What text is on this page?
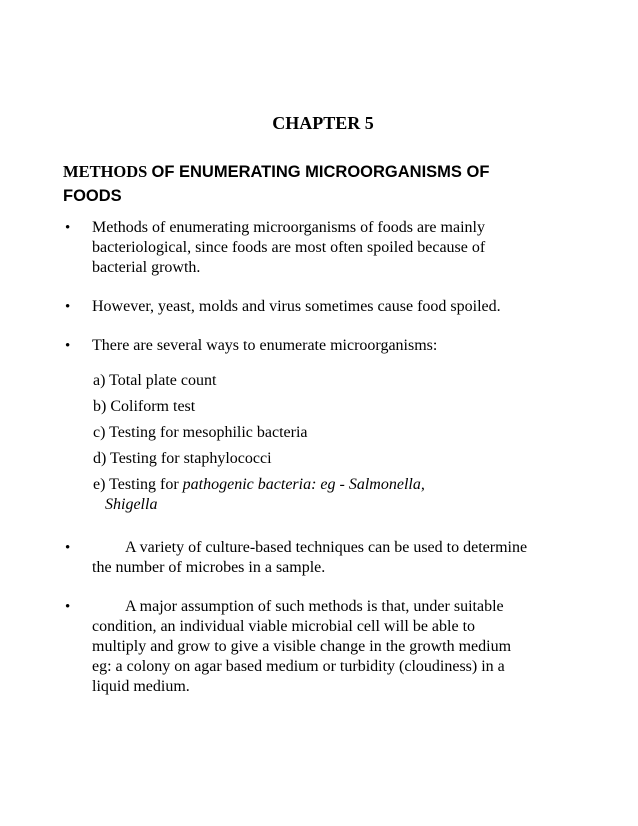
CHAPTER 5
METHODS OF ENUMERATING MICROORGANISMS OF FOODS
• Methods of enumerating microorganisms of foods are mainly bacteriological, since foods are most often spoiled because of bacterial growth.
• However, yeast, molds and virus sometimes cause food spoiled.
• There are several ways to enumerate microorganisms:
a) Total plate count
b) Coliform test
c) Testing for mesophilic bacteria
d) Testing for staphylococci
e) Testing for pathogenic bacteria: eg - Salmonella,
Shigella
•	A variety of culture-based techniques can be used to determine the number of microbes in a sample.
•	A major assumption of such methods is that, under suitable condition, an individual viable microbial cell will be able to multiply and grow to give a visible change in the growth medium eg: a colony on agar based medium or turbidity (cloudiness) in a liquid medium.
